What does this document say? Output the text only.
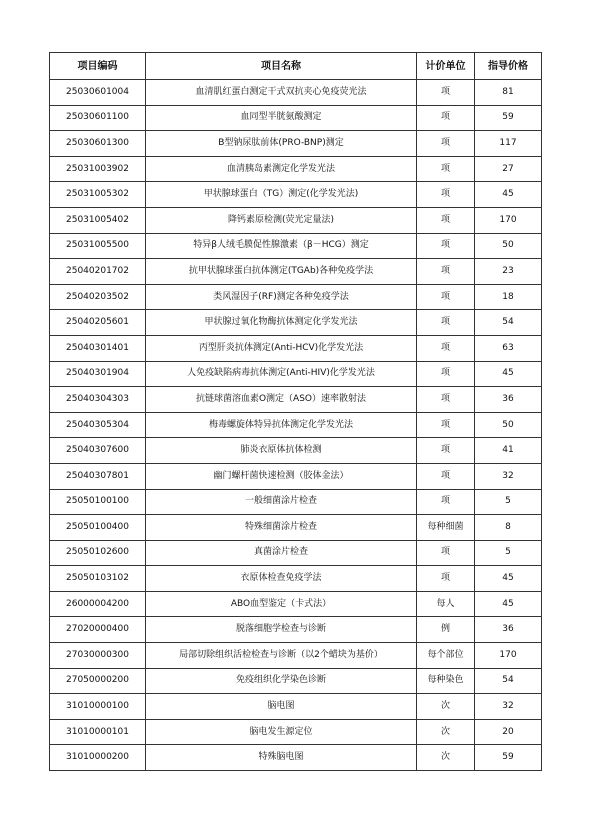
项目编码	项目名称	计价单位	指导价格
25030601004	血清肌红蛋白测定干式双抗夹心免疫荧光法	项	81
25030601100	血同型半胱氨酸测定	项	59
25030601300	B型钠尿肽前体(PRO-BNP)测定	项	117
25031003902	血清胰岛素测定化学发光法	项	27
25031005302	甲状腺球蛋白（TG）测定(化学发光法)	项	45
25031005402	降钙素原检测(荧光定量法)	项	170
25031005500	特异β人绒毛膜促性腺激素（β－HCG）测定	项	50
25040201702	抗甲状腺球蛋白抗体测定(TGAb)各种免疫学法	项	23
25040203502	类风湿因子(RF)测定各种免疫学法	项	18
25040205601	甲状腺过氧化物酶抗体测定化学发光法	项	54
25040301401	丙型肝炎抗体测定(Anti-HCV)化学发光法	项	63
25040301904	人免疫缺陷病毒抗体测定(Anti-HIV)化学发光法	项	45
25040304303	抗链球菌溶血素O测定（ASO）速率散射法	项	36
25040305304	梅毒螺旋体特异抗体测定化学发光法	项	50
25040307600	肺炎衣原体抗体检测	项	41
25040307801	幽门螺杆菌快速检测（胶体金法）	项	32
25050100100	一般细菌涂片检查	项	5
25050100400	特殊细菌涂片检查	每种细菌	8
25050102600	真菌涂片检查	项	5
25050103102	衣原体检查免疫学法	项	45
26000004200	ABO血型鉴定（卡式法）	每人	45
27020000400	脱落细胞学检查与诊断	例	36
27030000300	局部切除组织活检检查与诊断（以2个蜡块为基价）	每个部位	170
27050000200	免疫组织化学染色诊断	每种染色	54
31010000100	脑电图	次	32
31010000101	脑电发生源定位	次	20
31010000200	特殊脑电图	次	59
